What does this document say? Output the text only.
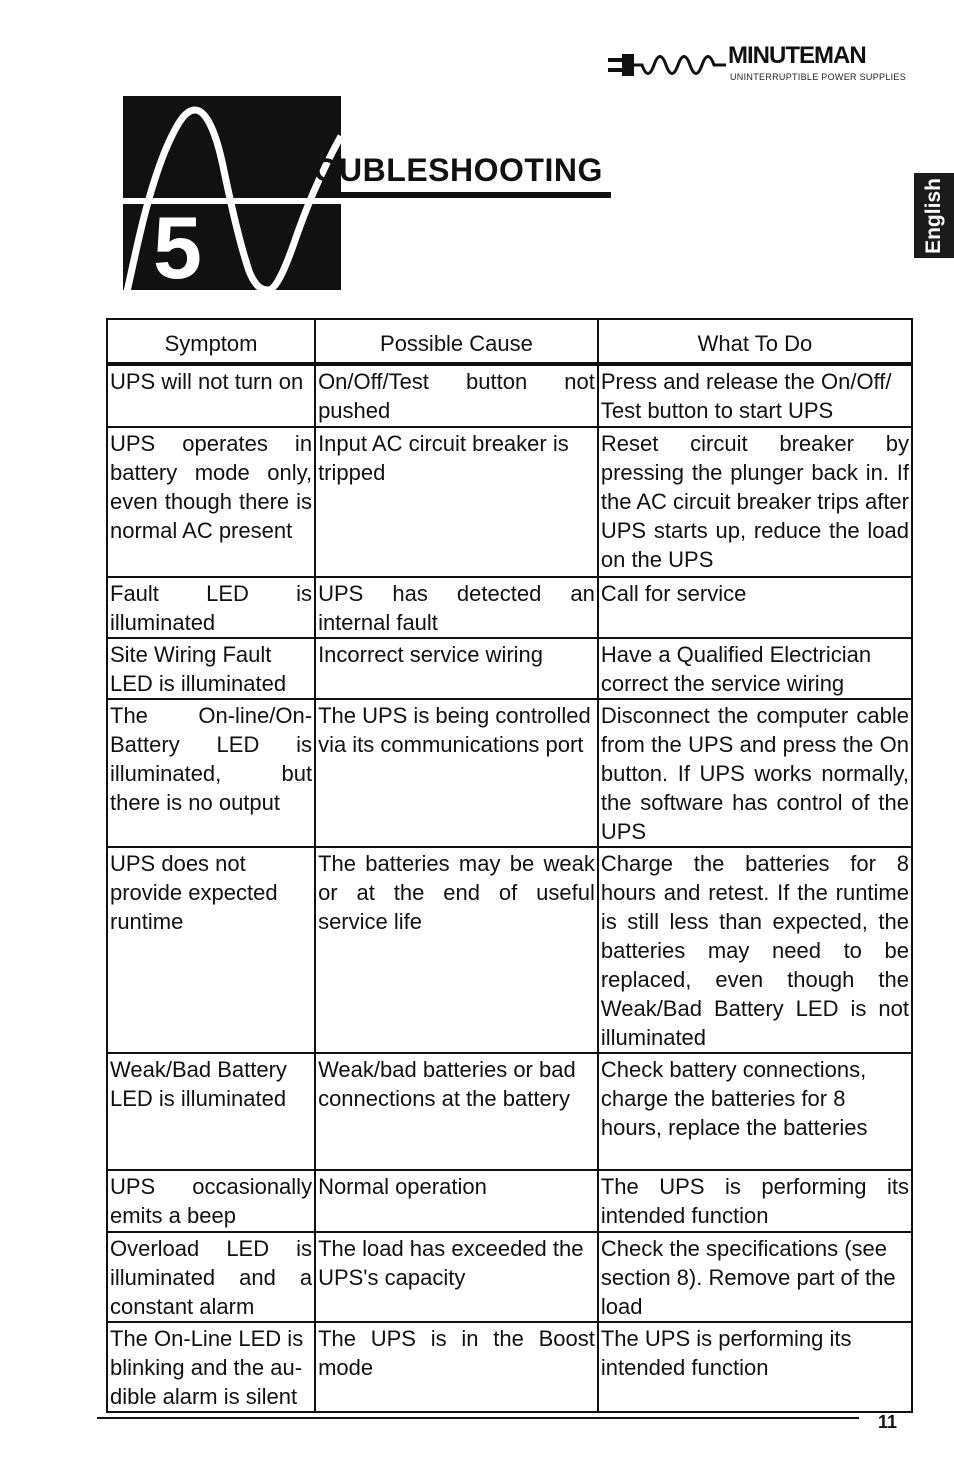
MINUTEMAN
UNINTERRUPTIBLE POWER SUPPLIES
English
5
TROUBLESHOOTING
Symptom	Possible Cause	What To Do
UPS will not turn on	On/Off/Test button not pushed	Press and release the On/Off/ Test button to start UPS
UPS operates in battery mode only, even though there is normal AC present	Input AC circuit breaker is tripped	Reset circuit breaker by pressing the plunger back in. If the AC circuit breaker trips after UPS starts up, reduce the load on the UPS
Fault LED is illuminated	UPS has detected an internal fault	Call for service
Site Wiring Fault LED is illuminated	Incorrect service wiring	Have a Qualified Electrician correct the service wiring
The On-line/On-Battery LED is illuminated, but there is no output	The UPS is being controlled via its communications port	Disconnect the computer cable from the UPS and press the On button. If UPS works normally, the software has control of the UPS
UPS does not provide expected runtime	The batteries may be weak or at the end of useful service life	Charge the batteries for 8 hours and retest. If the runtime is still less than expected, the batteries may need to be replaced, even though the Weak/Bad Battery LED is not illuminated
Weak/Bad Battery LED is illuminated	Weak/bad batteries or bad connections at the battery	Check battery connections, charge the batteries for 8 hours, replace the batteries
UPS occasionally emits a beep	Normal operation	The UPS is performing its intended function
Overload LED is illuminated and a constant alarm	The load has exceeded the UPS's capacity	Check the specifications (see section 8). Remove part of the load
The On-Line LED is blinking and the au-dible alarm is silent	The UPS is in the Boost mode	The UPS is performing its intended function
11
